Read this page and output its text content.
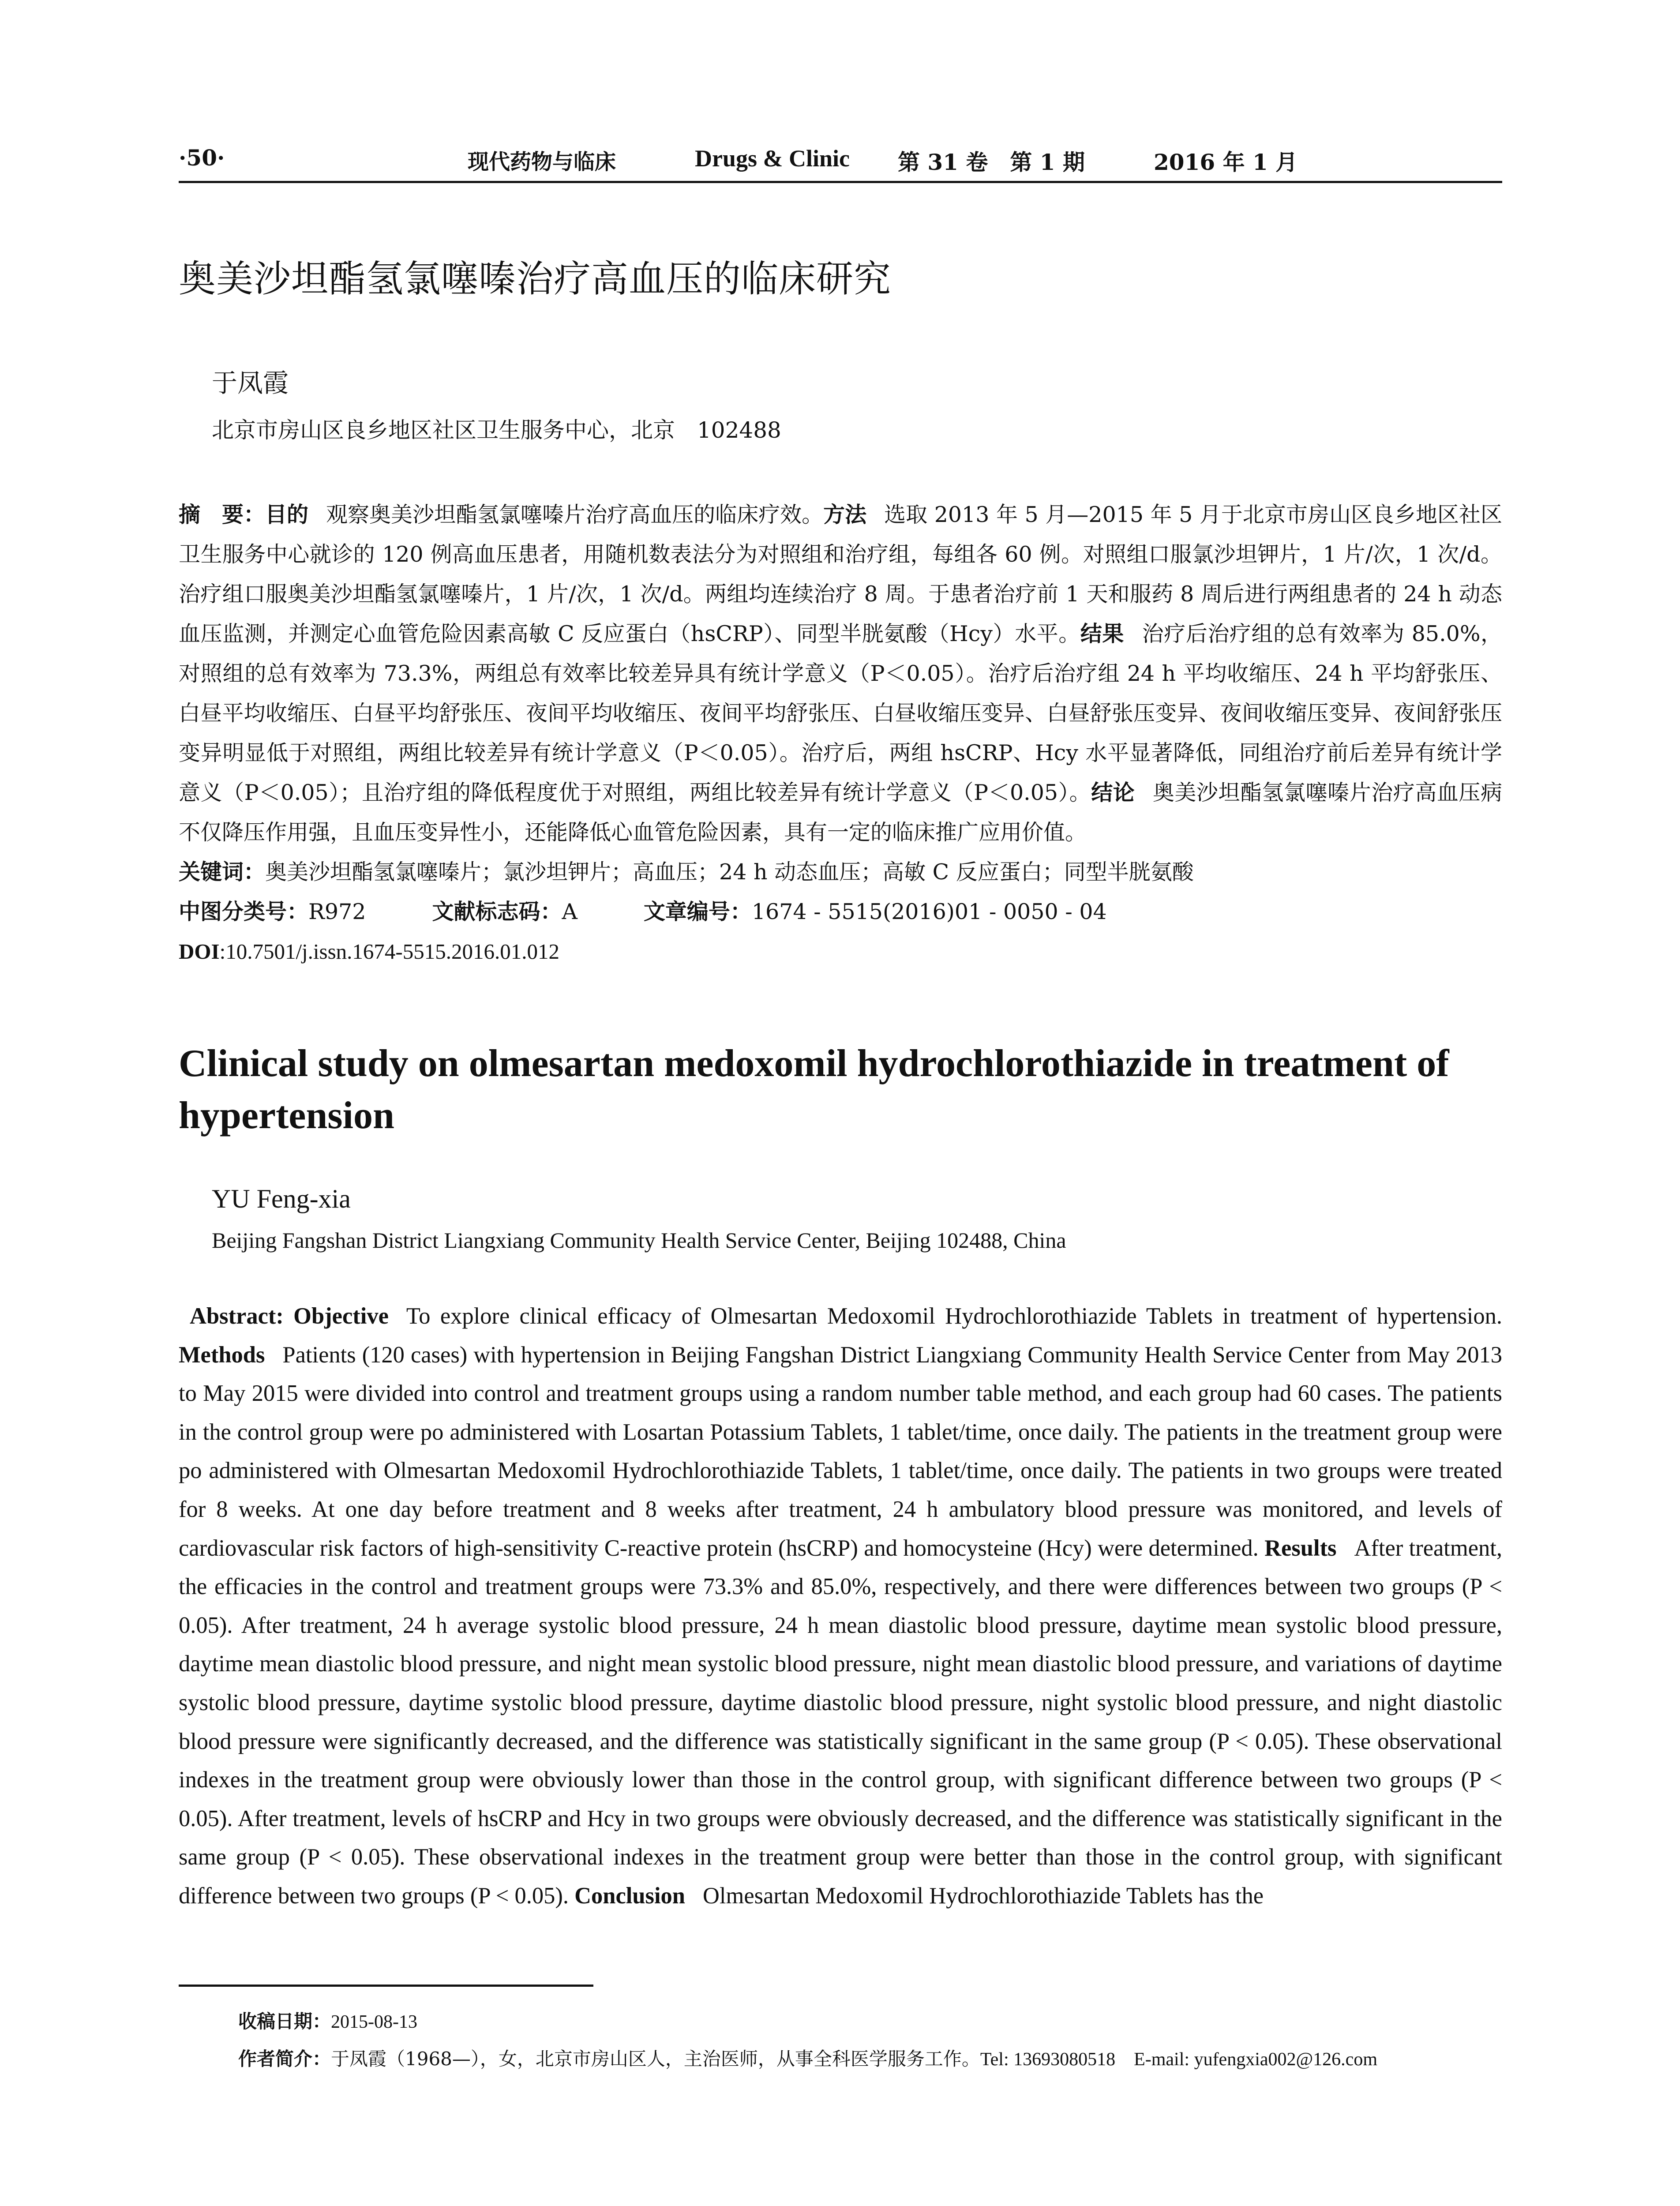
·50·	现代药物与临床	Drugs & Clinic 第 31 卷　第 1 期	2016 年 1 月
奥美沙坦酯氢氯噻嗪治疗高血压的临床研究
于凤霞
北京市房山区良乡地区社区卫生服务中心，北京　102488
摘　要：目的 观察奥美沙坦酯氢氯噻嗪片治疗高血压的临床疗效。方法 选取 2013 年 5 月—2015 年 5 月于北京市房山区良乡地区社区卫生服务中心就诊的 120 例高血压患者，用随机数表法分为对照组和治疗组，每组各 60 例。对照组口服氯沙坦钾片，1 片/次，1 次/d。治疗组口服奥美沙坦酯氢氯噻嗪片，1 片/次，1 次/d。两组均连续治疗 8 周。于患者治疗前 1 天和服药 8 周后进行两组患者的 24 h 动态血压监测，并测定心血管危险因素高敏 C 反应蛋白（hsCRP）、同型半胱氨酸（Hcy）水平。结果 治疗后治疗组的总有效率为 85.0%，对照组的总有效率为 73.3%，两组总有效率比较差异具有统计学意义（P＜0.05）。治疗后治疗组 24 h 平均收缩压、24 h 平均舒张压、白昼平均收缩压、白昼平均舒张压、夜间平均收缩压、夜间平均舒张压、白昼收缩压变异、白昼舒张压变异、夜间收缩压变异、夜间舒张压变异明显低于对照组，两组比较差异有统计学意义（P＜0.05）。治疗后，两组 hsCRP、Hcy 水平显著降低，同组治疗前后差异有统计学意义（P＜0.05）；且治疗组的降低程度优于对照组，两组比较差异有统计学意义（P＜0.05）。结论 奥美沙坦酯氢氯噻嗪片治疗高血压病不仅降压作用强，且血压变异性小，还能降低心血管危险因素，具有一定的临床推广应用价值。
关键词：奥美沙坦酯氢氯噻嗪片；氯沙坦钾片；高血压；24 h 动态血压；高敏 C 反应蛋白；同型半胱氨酸
中图分类号：R972	文献标志码：A	文章编号：1674 - 5515(2016)01 - 0050 - 04
DOI:10.7501/j.issn.1674-5515.2016.01.012
Clinical study on olmesartan medoxomil hydrochlorothiazide in treatment of hypertension
YU Feng-xia
Beijing Fangshan District Liangxiang Community Health Service Center, Beijing 102488, China
Abstract: Objective To explore clinical efficacy of Olmesartan Medoxomil Hydrochlorothiazide Tablets in treatment of hypertension. Methods Patients (120 cases) with hypertension in Beijing Fangshan District Liangxiang Community Health Service Center from May 2013 to May 2015 were divided into control and treatment groups using a random number table method, and each group had 60 cases. The patients in the control group were po administered with Losartan Potassium Tablets, 1 tablet/time, once daily. The patients in the treatment group were po administered with Olmesartan Medoxomil Hydrochlorothiazide Tablets, 1 tablet/time, once daily. The patients in two groups were treated for 8 weeks. At one day before treatment and 8 weeks after treatment, 24 h ambulatory blood pressure was monitored, and levels of cardiovascular risk factors of high-sensitivity C-reactive protein (hsCRP) and homocysteine (Hcy) were determined. Results After treatment, the efficacies in the control and treatment groups were 73.3% and 85.0%, respectively, and there were differences between two groups (P < 0.05). After treatment, 24 h average systolic blood pressure, 24 h mean diastolic blood pressure, daytime mean systolic blood pressure, daytime mean diastolic blood pressure, and night mean systolic blood pressure, night mean diastolic blood pressure, and variations of daytime systolic blood pressure, daytime systolic blood pressure, daytime diastolic blood pressure, night systolic blood pressure, and night diastolic blood pressure were significantly decreased, and the difference was statistically significant in the same group (P < 0.05). These observational indexes in the treatment group were obviously lower than those in the control group, with significant difference between two groups (P < 0.05). After treatment, levels of hsCRP and Hcy in two groups were obviously decreased, and the difference was statistically significant in the same group (P < 0.05). These observational indexes in the treatment group were better than those in the control group, with significant difference between two groups (P < 0.05). Conclusion Olmesartan Medoxomil Hydrochlorothiazide Tablets has the
收稿日期：2015-08-13
作者简介：于凤霞（1968—），女，北京市房山区人，主治医师，从事全科医学服务工作。Tel: 13693080518　E-mail: yufengxia002@126.com
